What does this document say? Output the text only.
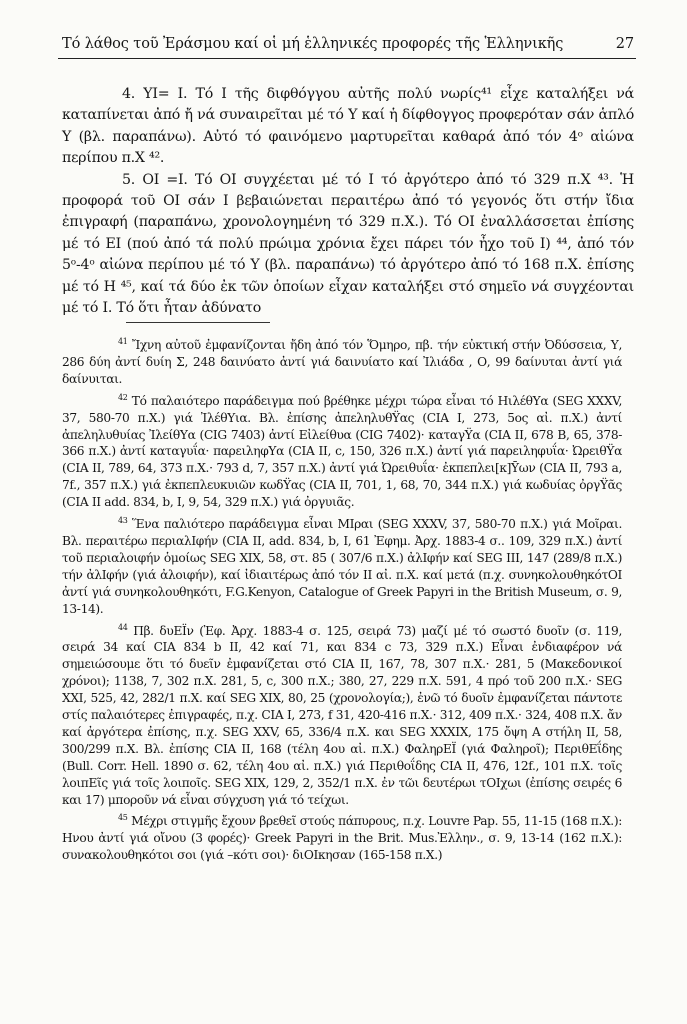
Τό λάθος τοῦ Ἐράσμου καί οἱ μή ἑλληνικές προφορές τῆς Ἑλληνικῆς	27

4. ΥΙ= Ι. Τό Ι τῆς διφθόγγου αὐτῆς πολύ νωρίς⁴¹ εἶχε καταλήξει νά καταπίνεται ἀπό ἤ νά συναιρεῖται μέ τό Υ καί ἡ δίφθογγος προφερόταν σάν ἁπλό Υ (βλ. παραπάνω). Αὐτό τό φαινόμενο μαρτυρεῖται καθαρά ἀπό τόν 4ᵒ αἰώνα περίπου π.Χ ⁴².

5. ΟΙ =Ι. Τό ΟΙ συγχέεται μέ τό Ι τό ἀργότερο ἀπό τό 329 π.Χ ⁴³. Ἡ προφορά τοῦ ΟΙ σάν Ι βεβαιώνεται περαιτέρω ἀπό τό γεγονός ὅτι στήν ἴδια ἐπιγραφή (παραπάνω, χρονολογημένη τό 329 π.Χ.). Τό ΟΙ ἐναλλάσσεται ἐπίσης μέ τό ΕΙ (πού ἀπό τά πολύ πρώιμα χρόνια ἔχει πάρει τόν ἦχο τοῦ Ι) ⁴⁴, ἀπό τόν 5ᵒ-4ᵒ αἰώνα περίπου μέ τό Υ (βλ. παραπάνω) τό ἀργότερο ἀπό τό 168 π.Χ. ἐπίσης μέ τό Η ⁴⁵, καί τά δύο ἐκ τῶν ὁποίων εἶχαν καταλήξει στό σημεῖο νά συγχέονται μέ τό Ι. Τό ὅτι ἦταν ἀδύνατο

$^{41}$ Ἴχνη αὐτοῦ ἐμφανίζονται ἤδη ἀπό τόν Ὅμηρο, πβ. τήν εὐκτική στήν Ὀδύσσεια, Υ, 286 δύη ἀντί δυίη Σ, 248 δαινύατο ἀντί γιά δαινυίατο καί Ἰλιάδα , Ο, 99 δαίνυται ἀντί γιά δαίνυιται.

$^{42}$ Τό παλαιότερο παράδειγμα πού βρέθηκε μέχρι τώρα εἶναι τό ΗιλέθΥα (SEG XXXV, 37, 580-70 π.Χ.) γιά ἸλέθΥια. Βλ. ἐπίσης ἀπεληλυθΫας (CIA I, 273, 5ος αἰ. π.Χ.) ἀντί ἀπεληλυθυίας ἸλείθΥα (CIG 7403) ἀντί Εἰλείθυα (CIG 7402)· καταγΫα (CIA II, 678 B, 65, 378-366 π.Χ.) ἀντί καταγυΐα· παρειληφΥα (CIA II, c, 150, 326 π.Χ.) ἀντί γιά παρειληφυΐα· ὨρειθΫα (CIA II, 789, 64, 373 π.Χ.· 793 d, 7, 357 π.Χ.) ἀντί γιά Ὠρειθυΐα· ἐκπεπλει[κ]Ῡων (CIA II, 793 a, 7f., 357 π.Χ.) γιά ἐκπεπλευκυιῶν κωδΫας (CIA II, 701, 1, 68, 70, 344 π.Χ.) γιά κωδυίας ὀργΫᾶς (CIA II add. 834, b, I, 9, 54, 329 π.Χ.) γιά ὀργυιᾶς.

$^{43}$ Ἕνα παλιότερο παράδειγμα εἶναι ΜΙραι (SEG XXXV, 37, 580-70 π.Χ.) γιά Μοῖραι. Βλ. περαιτέρω περιαλΙφήν (CIA II, add. 834, b, I, 61 Ἐφημ. Ἀρχ. 1883-4 σ.. 109, 329 π.Χ.) ἀντί τοῦ περιαλοιφήν ὁμοίως SEG XIX, 58, στ. 85 ( 307/6 π.Χ.) ἀλΙφήν καί SEG III, 147 (289/8 π.Χ.) τήν ἀλΙφήν (γιά ἀλοιφήν), καί ἰδιαιτέρως ἀπό τόν ΙΙ αἰ. π.Χ. καί μετά (π.χ. συνηκολουθηκότΟΙ ἀντί γιά συνηκολουθηκότι, F.G.Kenyon, Catalogue of Greek Papyri in the British Museum, σ. 9, 13-14).

$^{44}$ Πβ. δυΕΪν (Ἐφ. Ἀρχ. 1883-4 σ. 125, σειρά 73) μαζί μέ τό σωστό δυοῖν (σ. 119, σειρά 34 καί CIA 834 b II, 42 καί 71, και 834 c 73, 329 π.Χ.) Εἶναι ἐνδιαφέρον νά σημειώσουμε ὅτι τό δυεῖν ἐμφανίζεται στό CIA II, 167, 78, 307 π.Χ.· 281, 5 (Μακεδονικοί χρόνοι); 1138, 7, 302 π.Χ. 281, 5, c, 300 π.Χ.; 380, 27, 229 π.Χ. 591, 4 πρό τοῦ 200 π.Χ.· SEG XXI, 525, 42, 282/1 π.Χ. καί SEG XIX, 80, 25 (χρονολογία;), ἐνῶ τό δυοῖν ἐμφανίζεται πάντοτε στίς παλαιότερες ἐπιγραφές, π.χ. CIA I, 273, f 31, 420-416 π.Χ.· 312, 409 π.Χ.· 324, 408 π.Χ. ἄν καί ἀργότερα ἐπίσης, π.χ. SEG XXV, 65, 336/4 π.Χ. και SEG XXXIX, 175 ὄψη Α στήλη II, 58, 300/299 π.Χ. Βλ. ἐπίσης CIA II, 168 (τέλη 4ου αἰ. π.Χ.) ΦαληρΕΪ (γιά Φαληροῖ); ΠεριθΕΐδης (Bull. Corr. Hell. 1890 σ. 62, τέλη 4ου αἰ. π.Χ.) γιά Περιθοΐδης CIA II, 476, 12f., 101 π.Χ. τοῖς λοιπΕῖς γιά τοῖς λοιποῖς. SEG XIX, 129, 2, 352/1 π.Χ. ἐν τῶι δευτέρωι τΟΙχωι (ἐπίσης σειρές 6 και 17) μποροῦν νά εἶναι σύγχυση γιά τό τείχωι.

$^{45}$ Μέχρι στιγμῆς ἔχουν βρεθεῖ στούς πάπυρους, π.χ. Louvre Pap. 55, 11-15 (168 π.Χ.): Ηνου ἀντί γιά οἴνου (3 φορές)· Greek Papyri in the Brit. Mus.Ἐλλην., σ. 9, 13-14 (162 π.Χ.): συνακολουθηκότοι σοι (γιά –κότι σοι)· διΟΙκησαν (165-158 π.Χ.)
